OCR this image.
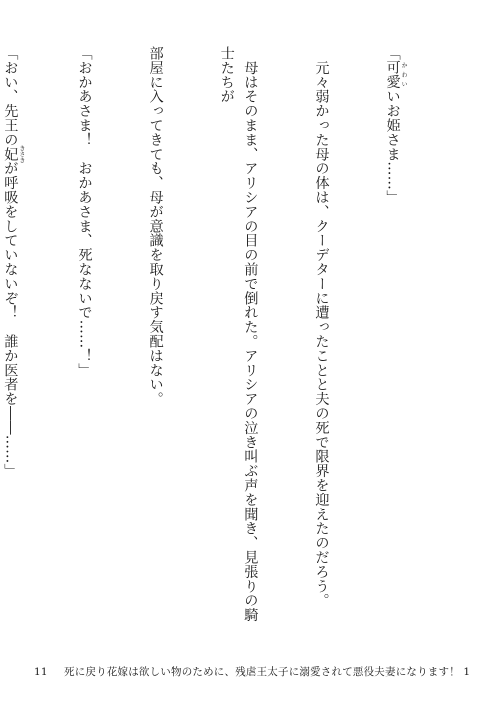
「可愛 かわいいお姫さま……」

　元々弱かった母の体は、クーデターに遭ったことと夫の死で限界を迎えたのだろう。

　母はそのまま、アリシアの目の前で倒れた。アリシアの泣き叫ぶ声を聞き、見張りの騎士たちが

部屋に入ってきても、母が意識を取り戻す気配はない。

「おかあさま！　おかあさま、死なないで……！」

「おい、先王の妃 きさきが呼吸をしていないぞ！　誰か医者を――……」

11 死に戻り花嫁は欲しい物のために、残虐王太子に溺愛されて悪役夫妻になります！ 1
